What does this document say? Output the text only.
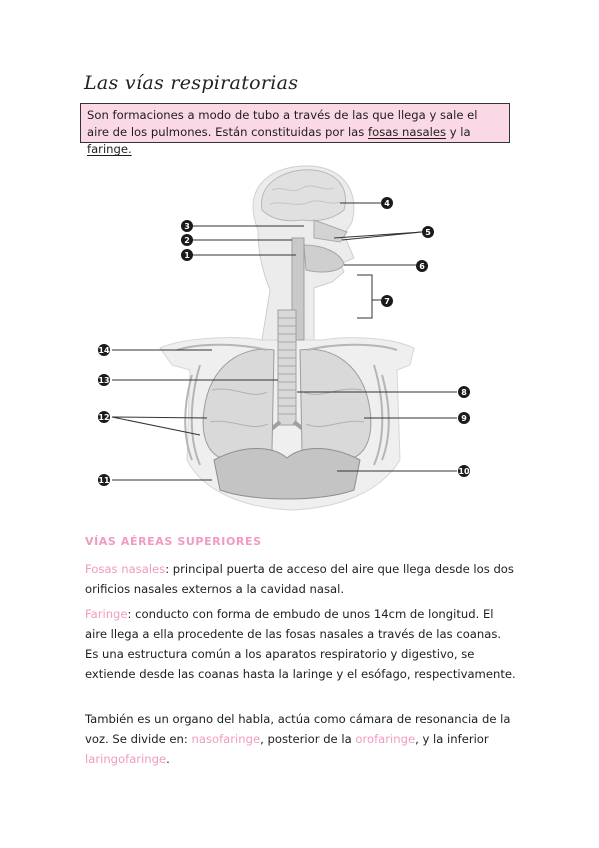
Las vías respiratorias
Son formaciones a modo de tubo a través de las que llega y sale el aire de los pulmones. Están constituidas por las fosas nasales y la faringe.
3
2
1
4
5
6
7
14
13
12
11
8
9
10
VÍAS AÉREAS SUPERIORES
Fosas nasales: principal puerta de acceso del aire que llega desde los dos orificios nasales externos a la cavidad nasal.
Faringe: conducto con forma de embudo de unos 14cm de longitud. El aire llega a ella procedente de las fosas nasales a través de las coanas. Es una estructura común a los aparatos respiratorio y digestivo, se extiende desde las coanas hasta la laringe y el esófago, respectivamente.
También es un organo del habla, actúa como cámara de resonancia de la voz. Se divide en: nasofaringe, posterior de la orofaringe, y la inferior laringofaringe.
